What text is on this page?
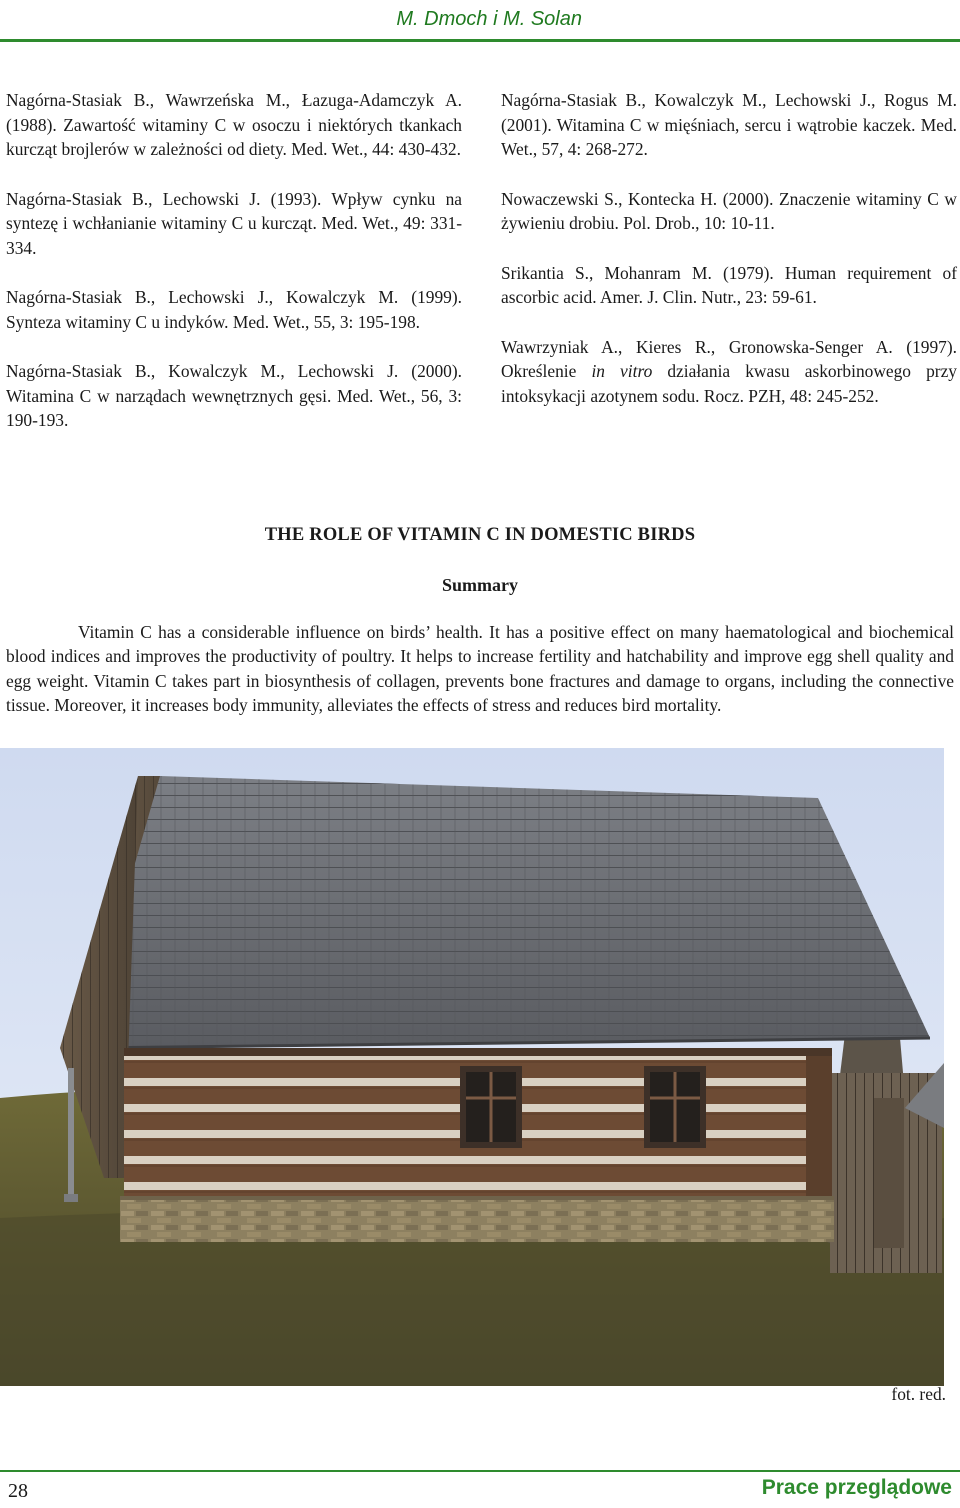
M. Dmoch i M. Solan

Nagórna-Stasiak B., Wawrzeńska M., Łazuga-Adamczyk A. (1988). Zawartość witaminy C w osoczu i niektórych tkankach kurcząt brojlerów w zależności od diety. Med. Wet., 44: 430-432.

Nagórna-Stasiak B., Lechowski J. (1993). Wpływ cynku na syntezę i wchłanianie witaminy C u kurcząt. Med. Wet., 49: 331-334.

Nagórna-Stasiak B., Lechowski J., Kowalczyk M. (1999). Synteza witaminy C u indyków. Med. Wet., 55, 3: 195-198.

Nagórna-Stasiak B., Kowalczyk M., Lechowski J. (2000). Witamina C w narządach wewnętrznych gęsi. Med. Wet., 56, 3: 190-193.

Nagórna-Stasiak B., Kowalczyk M., Lechowski J., Rogus M. (2001). Witamina C w mięśniach, sercu i wątrobie kaczek. Med. Wet., 57, 4: 268-272.

Nowaczewski S., Kontecka H. (2000). Znaczenie witaminy C w żywieniu drobiu. Pol. Drob., 10: 10-11.

Srikantia S., Mohanram M. (1979). Human requirement of ascorbic acid. Amer. J. Clin. Nutr., 23: 59-61.

Wawrzyniak A., Kieres R., Gronowska-Senger A. (1997). Określenie in vitro działania kwasu askorbinowego przy intoksykacji azotynem sodu. Rocz. PZH, 48: 245-252.

THE ROLE OF VITAMIN C IN DOMESTIC BIRDS
Summary
Vitamin C has a considerable influence on birds’ health. It has a positive effect on many haematological and biochemical blood indices and improves the productivity of poultry. It helps to increase fertility and hatchability and improve egg shell quality and egg weight. Vitamin C takes part in biosynthesis of collagen, prevents bone fractures and damage to organs, including the connective tissue. Moreover, it increases body immunity, alleviates the effects of stress and reduces bird mortality.
fot. red.
28	Prace przeglądowe
